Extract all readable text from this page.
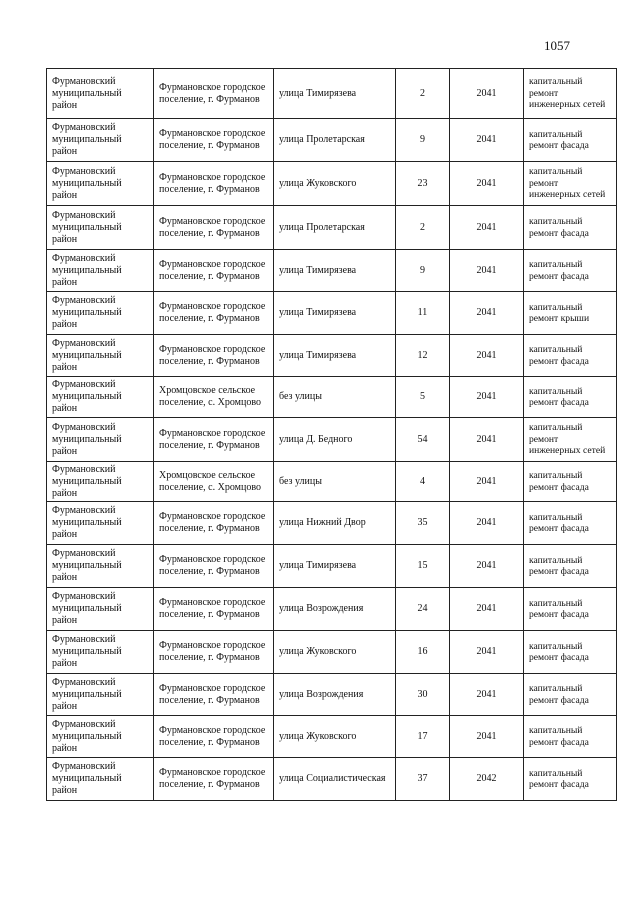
1057
Фурмановский муниципальный район	Фурмановское городское поселение, г. Фурманов	улица Тимирязева	2	2041	капитальный ремонт инженерных сетей
Фурмановский муниципальный район	Фурмановское городское поселение, г. Фурманов	улица Пролетарская	9	2041	капитальный ремонт фасада
Фурмановский муниципальный район	Фурмановское городское поселение, г. Фурманов	улица Жуковского	23	2041	капитальный ремонт инженерных сетей
Фурмановский муниципальный район	Фурмановское городское поселение, г. Фурманов	улица Пролетарская	2	2041	капитальный ремонт фасада
Фурмановский муниципальный район	Фурмановское городское поселение, г. Фурманов	улица Тимирязева	9	2041	капитальный ремонт фасада
Фурмановский муниципальный район	Фурмановское городское поселение, г. Фурманов	улица Тимирязева	11	2041	капитальный ремонт крыши
Фурмановский муниципальный район	Фурмановское городское поселение, г. Фурманов	улица Тимирязева	12	2041	капитальный ремонт фасада
Фурмановский муниципальный район	Хромцовское сельское поселение, с. Хромцово	без улицы	5	2041	капитальный ремонт фасада
Фурмановский муниципальный район	Фурмановское городское поселение, г. Фурманов	улица Д. Бедного	54	2041	капитальный ремонт инженерных сетей
Фурмановский муниципальный район	Хромцовское сельское поселение, с. Хромцово	без улицы	4	2041	капитальный ремонт фасада
Фурмановский муниципальный район	Фурмановское городское поселение, г. Фурманов	улица Нижний Двор	35	2041	капитальный ремонт фасада
Фурмановский муниципальный район	Фурмановское городское поселение, г. Фурманов	улица Тимирязева	15	2041	капитальный ремонт фасада
Фурмановский муниципальный район	Фурмановское городское поселение, г. Фурманов	улица Возрождения	24	2041	капитальный ремонт фасада
Фурмановский муниципальный район	Фурмановское городское поселение, г. Фурманов	улица Жуковского	16	2041	капитальный ремонт фасада
Фурмановский муниципальный район	Фурмановское городское поселение, г. Фурманов	улица Возрождения	30	2041	капитальный ремонт фасада
Фурмановский муниципальный район	Фурмановское городское поселение, г. Фурманов	улица Жуковского	17	2041	капитальный ремонт фасада
Фурмановский муниципальный район	Фурмановское городское поселение, г. Фурманов	улица Социалистическая	37	2042	капитальный ремонт фасада
